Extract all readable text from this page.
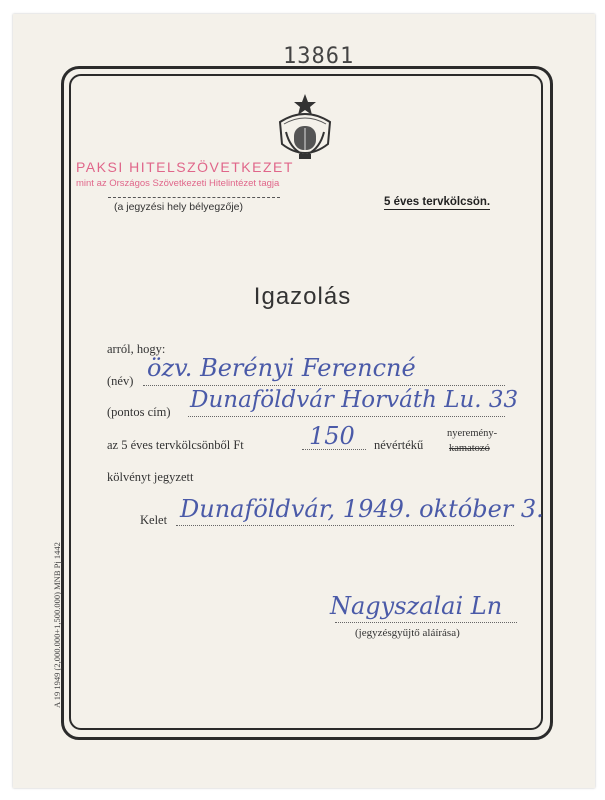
13861
PAKSI HITELSZÖVETKEZET
mint az Országos Szövetkezeti Hitelintézet tagja
(a jegyzési hely bélyegzője)	5 éves tervkölcsön.
Igazolás
arról, hogy:
(név) özv. Berényi Ferencné
(pontos cím) Dunaföldvár Horváth Lu. 33
az 5 éves tervkölcsönből Ft	150 névértékű
nyeremény-
kamatozó
kölvényt jegyzett
Kelet Dunaföldvár, 1949. október 3.
Nagyszalai Ln
(jegyzésgyűjtő aláírása)
A 19 1949 (2,000.000+1,500.000) MNB Pj 1442
